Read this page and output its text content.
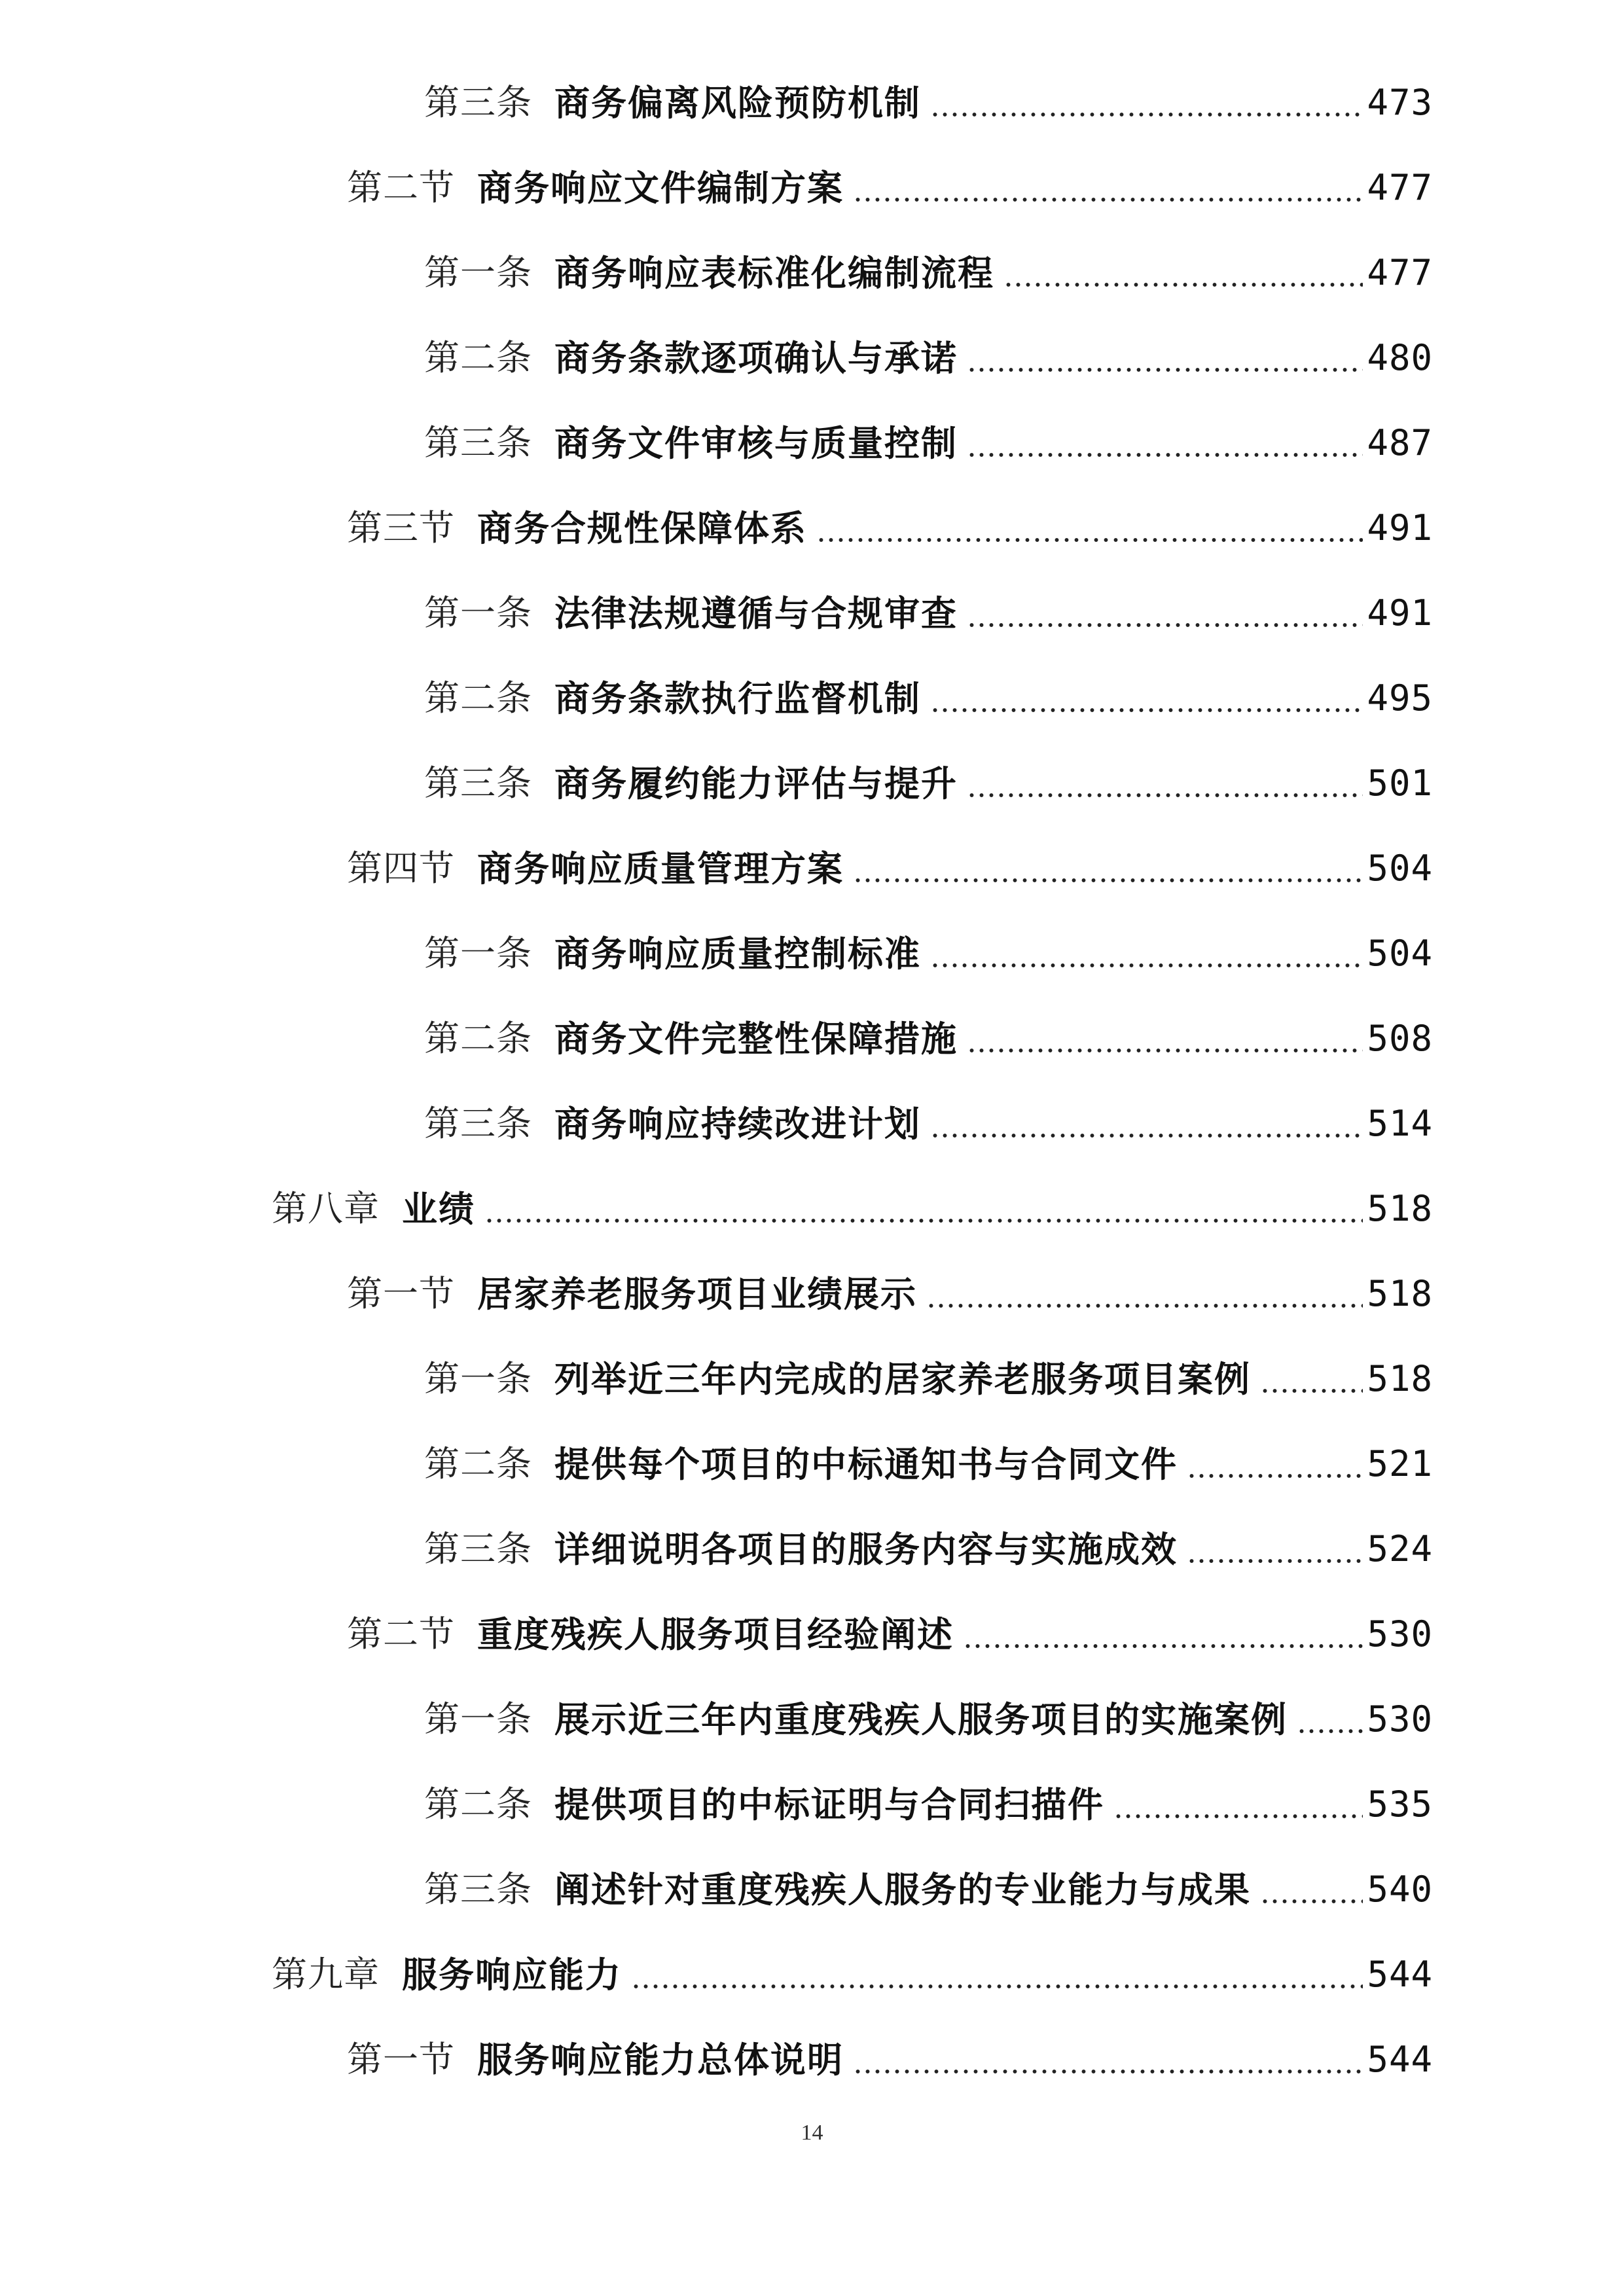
第三条 商务偏离风险预防机制	473
第二节 商务响应文件编制方案	477
第一条 商务响应表标准化编制流程	477
第二条 商务条款逐项确认与承诺	480
第三条 商务文件审核与质量控制	487
第三节 商务合规性保障体系	491
第一条 法律法规遵循与合规审查	491
第二条 商务条款执行监督机制	495
第三条 商务履约能力评估与提升	501
第四节 商务响应质量管理方案	504
第一条 商务响应质量控制标准	504
第二条 商务文件完整性保障措施	508
第三条 商务响应持续改进计划	514
第八章 业绩	518
第一节 居家养老服务项目业绩展示	518
第一条 列举近三年内完成的居家养老服务项目案例	518
第二条 提供每个项目的中标通知书与合同文件	521
第三条 详细说明各项目的服务内容与实施成效	524
第二节 重度残疾人服务项目经验阐述	530
第一条 展示近三年内重度残疾人服务项目的实施案例 530
第二条 提供项目的中标证明与合同扫描件	535
第三条 阐述针对重度残疾人服务的专业能力与成果	540
第九章 服务响应能力	544
第一节 服务响应能力总体说明	544
14
